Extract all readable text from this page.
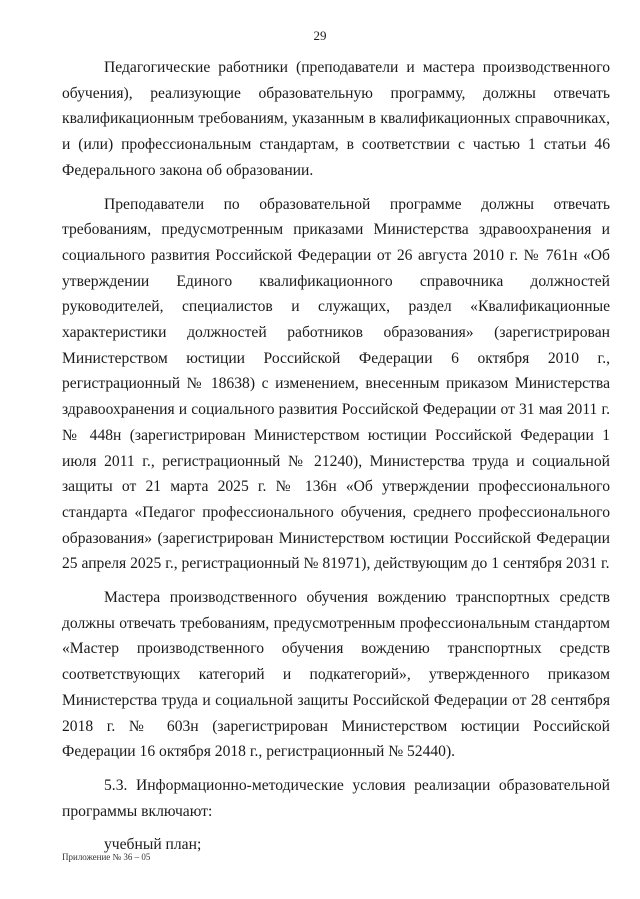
29

Педагогические работники (преподаватели и мастера производственного обучения), реализующие образовательную программу, должны отвечать квалификационным требованиям, указанным в квалификационных справочниках, и (или) профессиональным стандартам, в соответствии с частью 1 статьи 46 Федерального закона об образовании.

Преподаватели по образовательной программе должны отвечать требованиям, предусмотренным приказами Министерства здравоохранения и социального развития Российской Федерации от 26 августа 2010 г. № 761н «Об утверждении Единого квалификационного справочника должностей руководителей, специалистов и служащих, раздел «Квалификационные характеристики должностей работников образования» (зарегистрирован Министерством юстиции Российской Федерации 6 октября 2010 г., регистрационный № 18638) с изменением, внесенным приказом Министерства здравоохранения и социального развития Российской Федерации от 31 мая 2011 г. № 448н (зарегистрирован Министерством юстиции Российской Федерации 1 июля 2011 г., регистрационный № 21240), Министерства труда и социальной защиты от 21 марта 2025 г. № 136н «Об утверждении профессионального стандарта «Педагог профессионального обучения, среднего профессионального образования» (зарегистрирован Министерством юстиции Российской Федерации 25 апреля 2025 г., регистрационный № 81971), действующим до 1 сентября 2031 г.

Мастера производственного обучения вождению транспортных средств должны отвечать требованиям, предусмотренным профессиональным стандартом «Мастер производственного обучения вождению транспортных средств соответствующих категорий и подкатегорий», утвержденного приказом Министерства труда и социальной защиты Российской Федерации от 28 сентября 2018 г. № 603н (зарегистрирован Министерством юстиции Российской Федерации 16 октября 2018 г., регистрационный № 52440).

5.3. Информационно-методические условия реализации образовательной программы включают:

учебный план;

Приложение № 36 – 05
